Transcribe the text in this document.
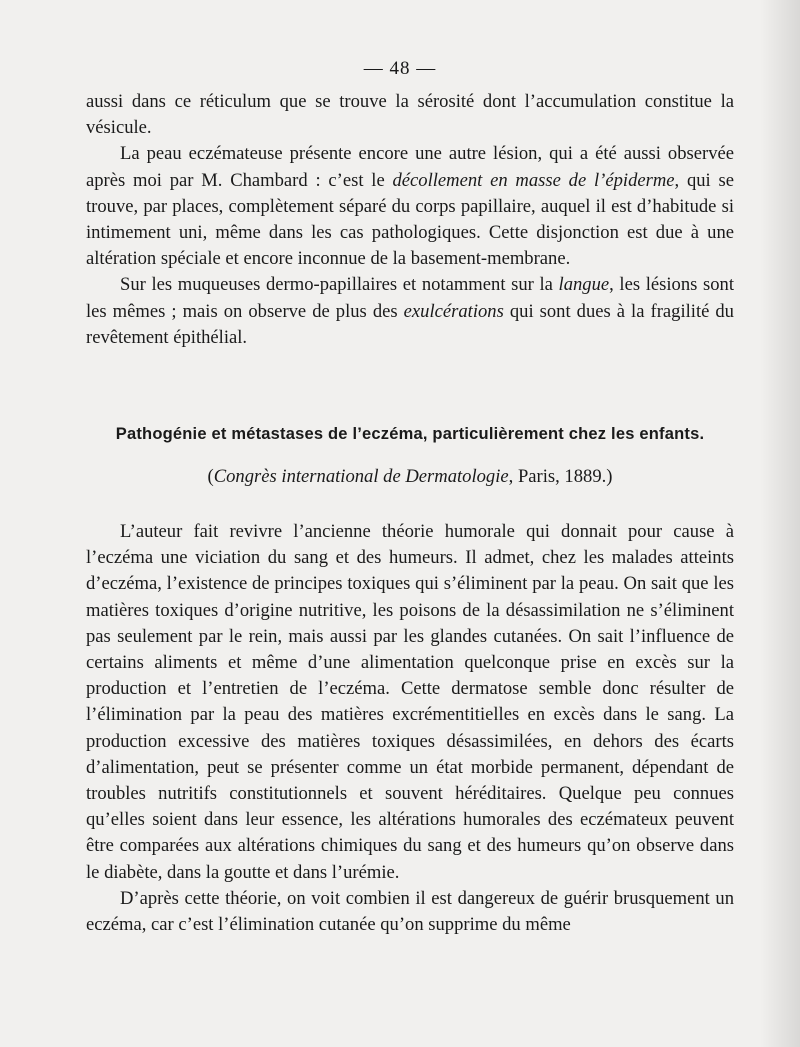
— 48 —

aussi dans ce réticulum que se trouve la sérosité dont l’accumulation constitue la vésicule.

La peau eczémateuse présente encore une autre lésion, qui a été aussi observée après moi par M. Chambard : c’est le décollement en masse de l’épiderme, qui se trouve, par places, complètement séparé du corps papillaire, auquel il est d’habitude si intimement uni, même dans les cas pathologiques. Cette disjonction est due à une altération spéciale et encore inconnue de la basement-membrane.

Sur les muqueuses dermo-papillaires et notamment sur la langue, les lésions sont les mêmes ; mais on observe de plus des exulcérations qui sont dues à la fragilité du revêtement épithélial.

Pathogénie et métastases de l’eczéma, particulièrement chez les enfants.
(Congrès international de Dermatologie, Paris, 1889.)

L’auteur fait revivre l’ancienne théorie humorale qui donnait pour cause à l’eczéma une viciation du sang et des humeurs. Il admet, chez les malades atteints d’eczéma, l’existence de principes toxiques qui s’éliminent par la peau. On sait que les matières toxiques d’origine nutritive, les poisons de la désassimilation ne s’éliminent pas seulement par le rein, mais aussi par les glandes cutanées. On sait l’influence de certains aliments et même d’une alimentation quelconque prise en excès sur la production et l’entretien de l’eczéma. Cette dermatose semble donc résulter de l’élimination par la peau des matières excrémentitielles en excès dans le sang. La production excessive des matières toxiques désassimilées, en dehors des écarts d’alimentation, peut se présenter comme un état morbide permanent, dépendant de troubles nutritifs constitutionnels et souvent héréditaires. Quelque peu connues qu’elles soient dans leur essence, les altérations humorales des eczémateux peuvent être comparées aux altérations chimiques du sang et des humeurs qu’on observe dans le diabète, dans la goutte et dans l’urémie.

D’après cette théorie, on voit combien il est dangereux de guérir brusquement un eczéma, car c’est l’élimination cutanée qu’on supprime du même
